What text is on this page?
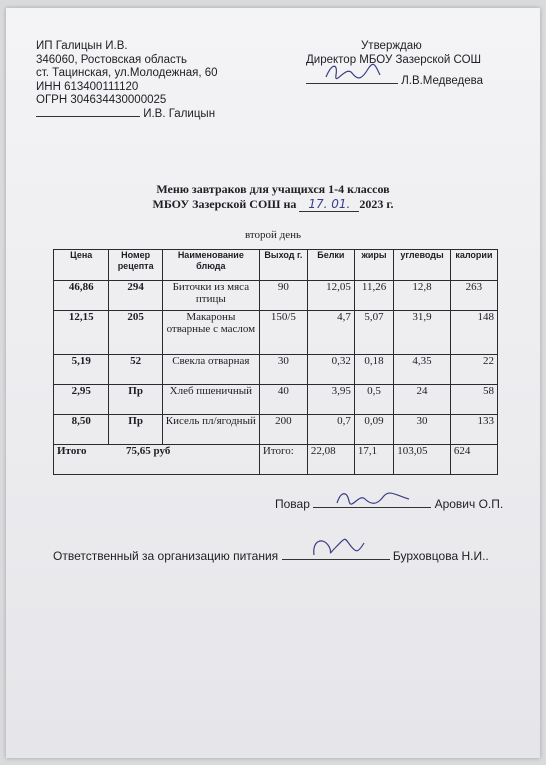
ИП Галицын И.В.
346060, Ростовская область
ст. Тацинская, ул.Молодежная, 60
ИНН 613400111120
ОГРН 304634430000025
И.В. Галицын
Утверждаю
Директор МБОУ Зазерской СОШ
Л.В.Медведева
Меню завтраков для учащихся 1-4 классов
МБОУ Зазерской СОШ на 17. 01. 2023 г.
второй день
Цена	Номер рецепта	Наименование блюда	Выход г.	Белки	жиры	углеводы	калории
46,86	294	Биточки из мяса птицы	90	12,05	11,26	12,8	263
12,15	205	Макароны отварные с маслом	150/5	4,7	5,07	31,9	148
5,19	52	Свекла отварная	30	0,32	0,18	4,35	22
2,95	Пр	Хлеб пшеничный	40	3,95	0,5	24	58
8,50	Пр	Кисель пл/ягодный	200	0,7	0,09	30	133
Итого 75,65 руб			Итого:	22,08	17,1	103,05	624
Повар	Арович О.П.
Ответственный за организацию питания	Бурховцова Н.И..
